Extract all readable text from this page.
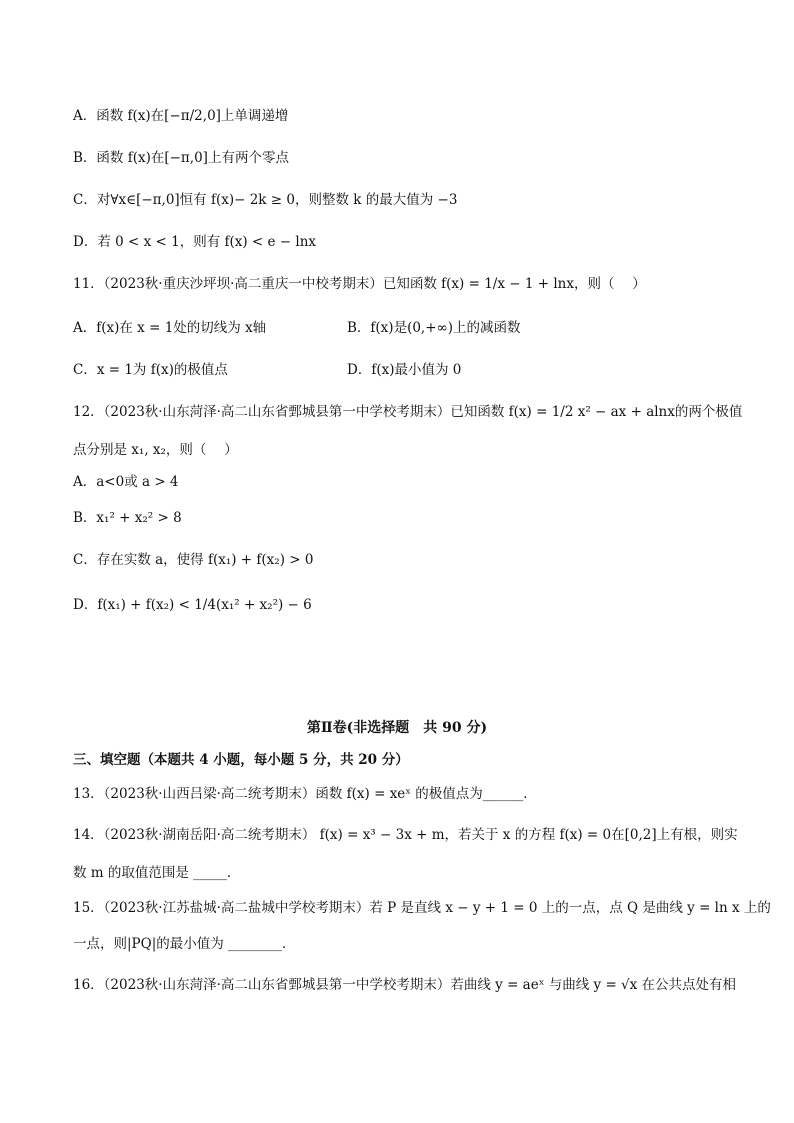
A．函数 f(x)在[−π/2,0]上单调递增
B．函数 f(x)在[−π,0]上有两个零点
C．对∀x∈[−π,0]恒有 f(x)− 2k ≥ 0，则整数 k 的最大值为 −3
D．若 0 < x < 1，则有 f(x) < e − lnx
11．（2023秋·重庆沙坪坝·高二重庆一中校考期末）已知函数 f(x) = 1/x − 1 + lnx，则（　 ）
A．f(x)在 x = 1处的切线为 x轴	B．f(x)是(0,+∞)上的减函数
C．x = 1为 f(x)的极值点	D．f(x)最小值为 0
12．（2023秋·山东菏泽·高二山东省鄄城县第一中学校考期末）已知函数 f(x) = 1/2 x² − ax + alnx的两个极值
点分别是 x₁, x₂，则（　 ）
A．a<0或 a > 4
B．x₁² + x₂² > 8
C．存在实数 a，使得 f(x₁) + f(x₂) > 0
D．f(x₁) + f(x₂) < 1/4(x₁² + x₂²) − 6
第Ⅱ卷(非选择题　共 90 分)
三、填空题（本题共 4 小题，每小题 5 分，共 20 分）
13．（2023秋·山西吕梁·高二统考期末）函数 f(x) = xeˣ 的极值点为______．
14．（2023秋·湖南岳阳·高二统考期末） f(x) = x³ − 3x + m，若关于 x 的方程 f(x) = 0在[0,2]上有根，则实
数 m 的取值范围是 _____．
15．（2023秋·江苏盐城·高二盐城中学校考期末）若 P 是直线 x − y + 1 = 0 上的一点，点 Q 是曲线 y = ln x 上的
一点，则|PQ|的最小值为 ________．
16．（2023秋·山东菏泽·高二山东省鄄城县第一中学校考期末）若曲线 y = aeˣ 与曲线 y = √x 在公共点处有相
